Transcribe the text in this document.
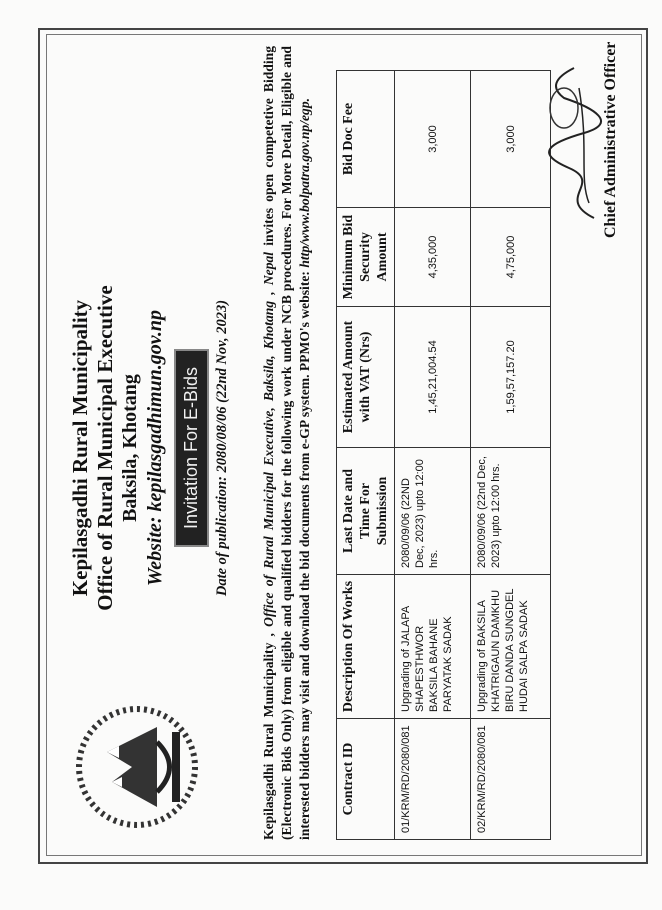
Kepilasgadhi Rural Municipality Office of Rural Municipal Executive Baksila, Khotang Website: kepilasgadhimun.gov.np Invitation For E-Bids Date of publication: 2080/08/06 (22nd Nov, 2023)
Kepilasgadhi Rural Municipality , Office of Rural Municipal Executive, Baksila, Khotang , Nepal invites open competetive Bidding (Electronic Bids Only) from eligible and qualified bidders for the following work under NCB procedures. For More Detail, Eligible and interested bidders may visit and download the bid documents from e-GP system. PPMO's website: http/www.bolpatra.gov.np/egp.
Contract ID	Description Of Works	Last Date and Time For Submission	Estimated Amount with VAT (Nrs)	Minimum Bid Security Amount	Bid Doc Fee
01/KRM/RD/2080/081	Upgrading of JALAPA SHAPESTHWOR BAKSILA BAHANE PARYATAK SADAK	2080/09/06 (22ND Dec, 2023) upto 12:00 hrs.	1,45,21,004.54	4,35,000	3,000
02/KRM/RD/2080/081	Upgrading of BAKSILA KHATRIGAUN DAMKHU BIRU DANDA SUNGDEL HUDAI SALPA SADAK	2080/09/06 (22nd Dec, 2023) upto 12:00 hrs.	1,59,57,157.20	4,75,000	3,000	Chief Administrative Officer
